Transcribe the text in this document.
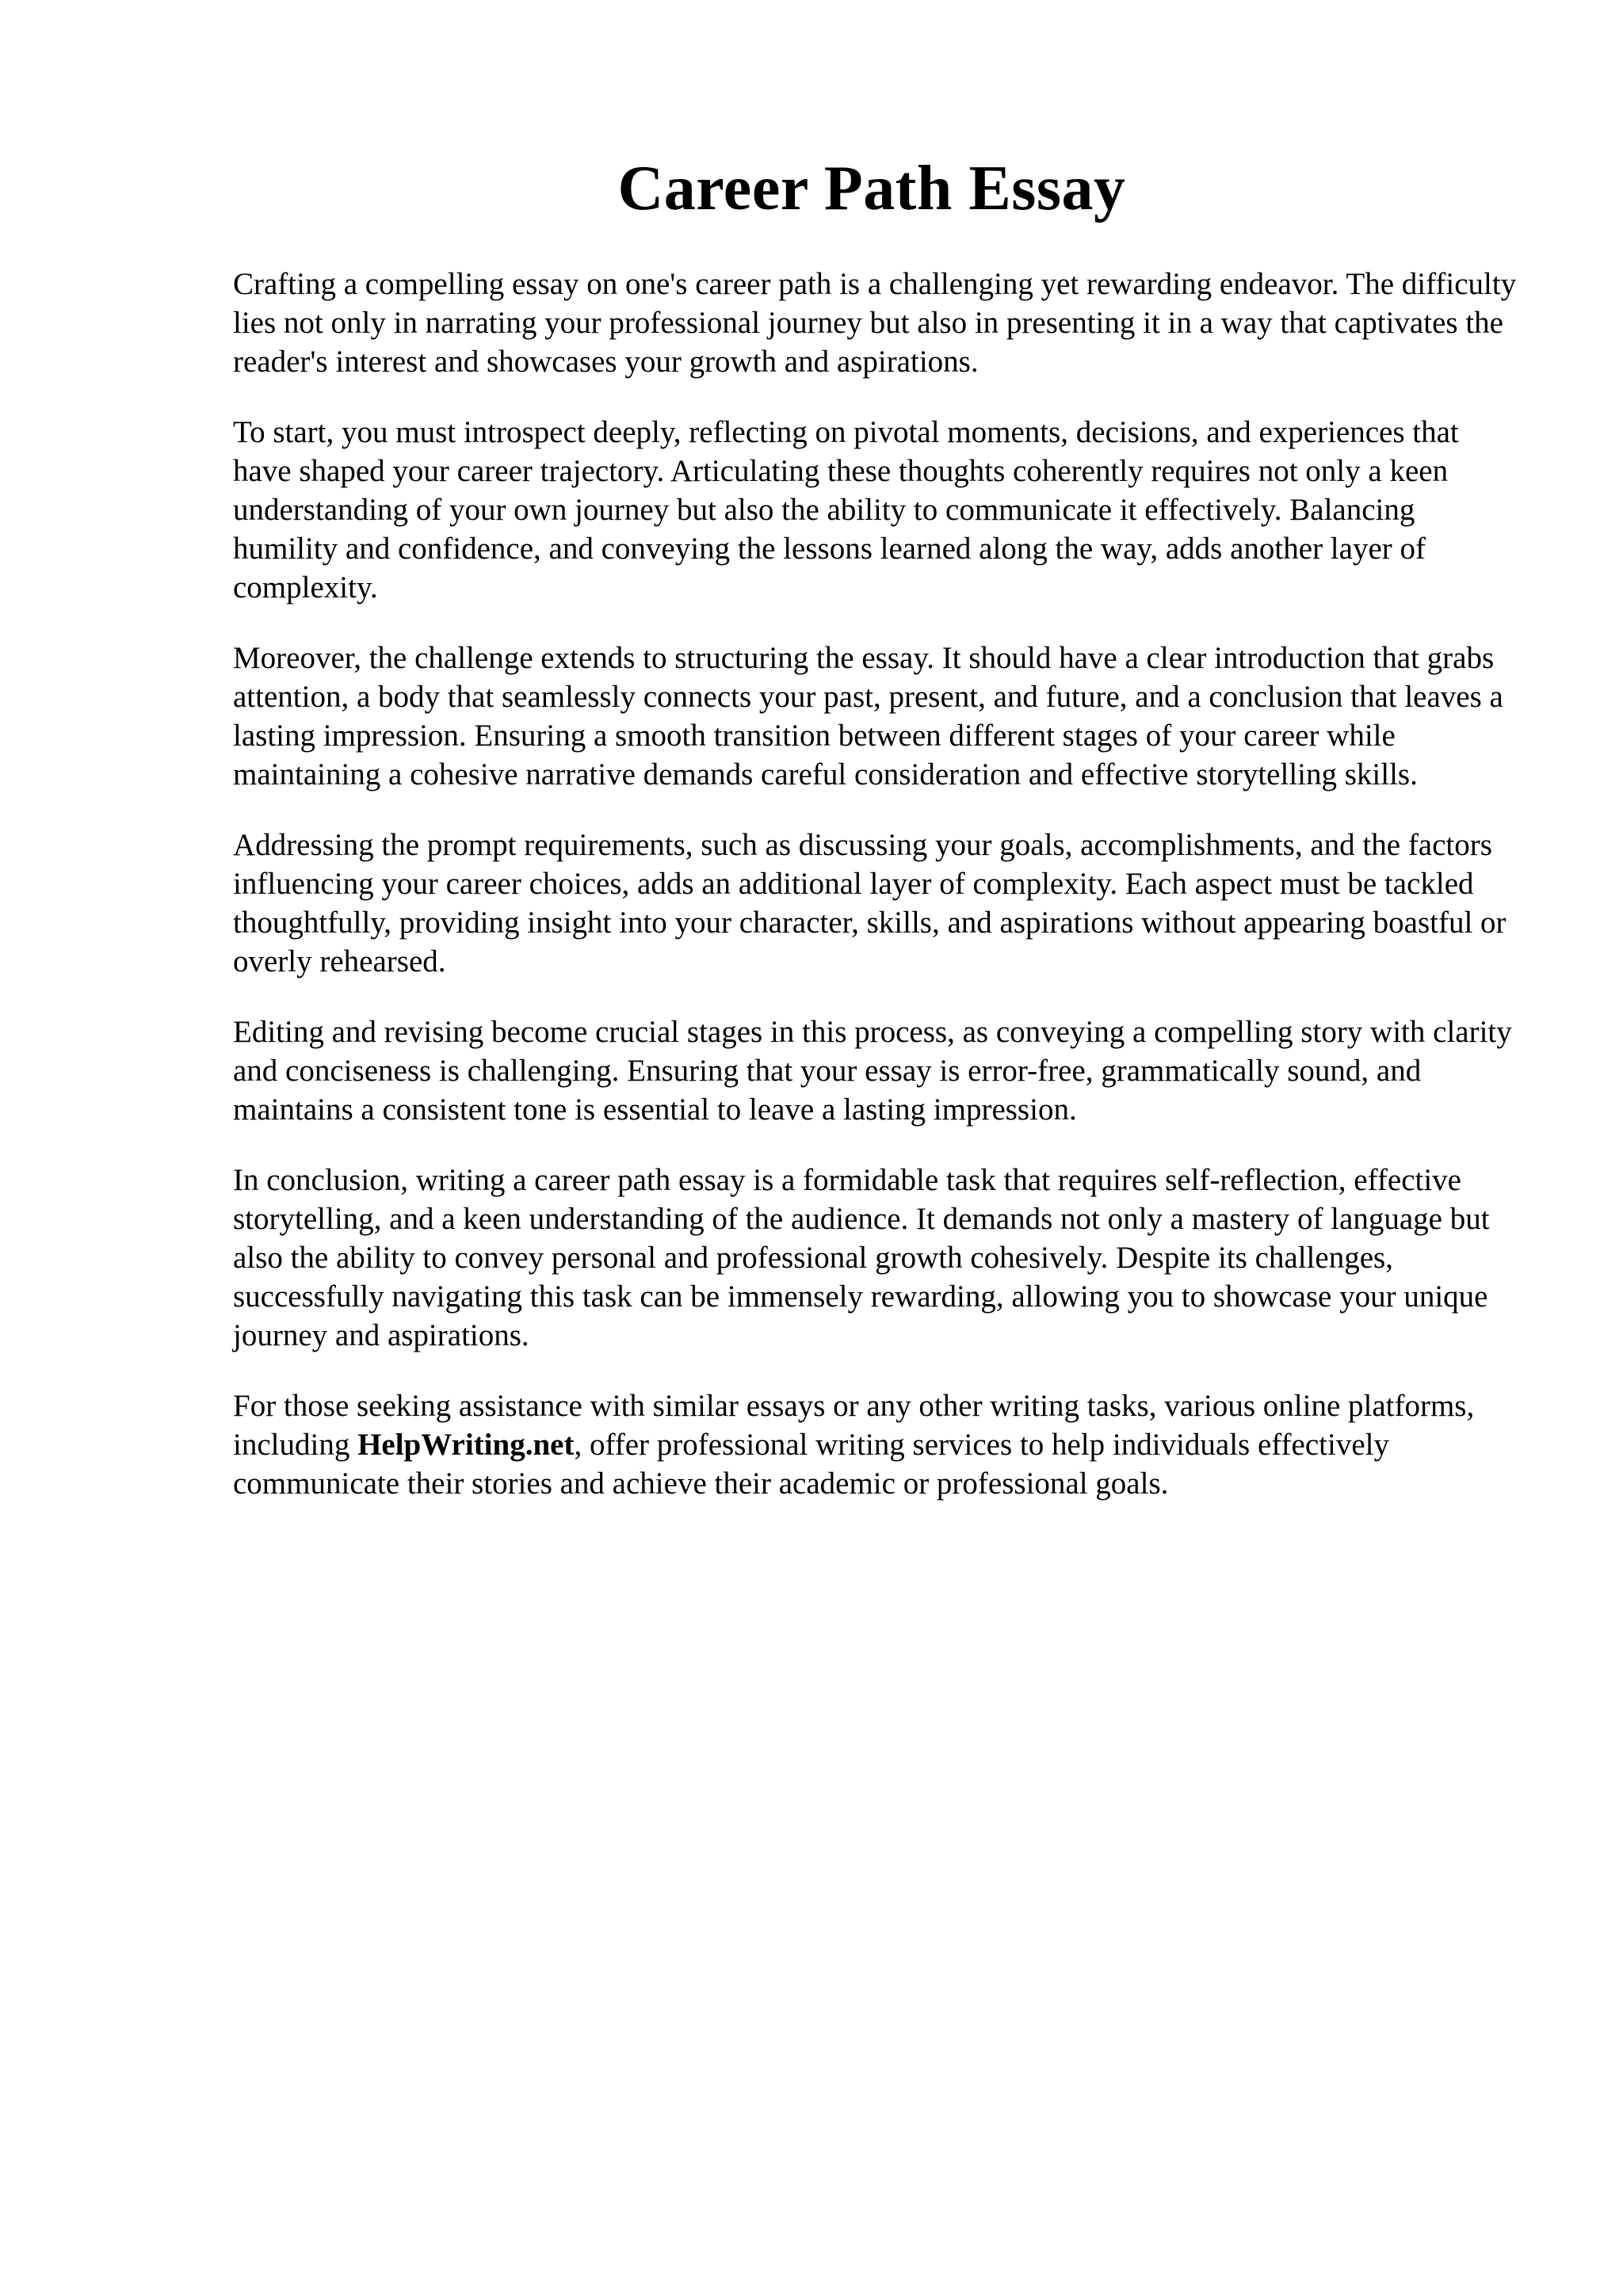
Career Path Essay

Crafting a compelling essay on one's career path is a challenging yet rewarding endeavor. The difficulty lies not only in narrating your professional journey but also in presenting it in a way that captivates the reader's interest and showcases your growth and aspirations.

To start, you must introspect deeply, reflecting on pivotal moments, decisions, and experiences that have shaped your career trajectory. Articulating these thoughts coherently requires not only a keen understanding of your own journey but also the ability to communicate it effectively. Balancing humility and confidence, and conveying the lessons learned along the way, adds another layer of complexity.

Moreover, the challenge extends to structuring the essay. It should have a clear introduction that grabs attention, a body that seamlessly connects your past, present, and future, and a conclusion that leaves a lasting impression. Ensuring a smooth transition between different stages of your career while maintaining a cohesive narrative demands careful consideration and effective storytelling skills.

Addressing the prompt requirements, such as discussing your goals, accomplishments, and the factors influencing your career choices, adds an additional layer of complexity. Each aspect must be tackled thoughtfully, providing insight into your character, skills, and aspirations without appearing boastful or overly rehearsed.

Editing and revising become crucial stages in this process, as conveying a compelling story with clarity and conciseness is challenging. Ensuring that your essay is error-free, grammatically sound, and maintains a consistent tone is essential to leave a lasting impression.

In conclusion, writing a career path essay is a formidable task that requires self-reflection, effective storytelling, and a keen understanding of the audience. It demands not only a mastery of language but also the ability to convey personal and professional growth cohesively. Despite its challenges, successfully navigating this task can be immensely rewarding, allowing you to showcase your unique journey and aspirations.

For those seeking assistance with similar essays or any other writing tasks, various online platforms, including HelpWriting.net, offer professional writing services to help individuals effectively communicate their stories and achieve their academic or professional goals.
